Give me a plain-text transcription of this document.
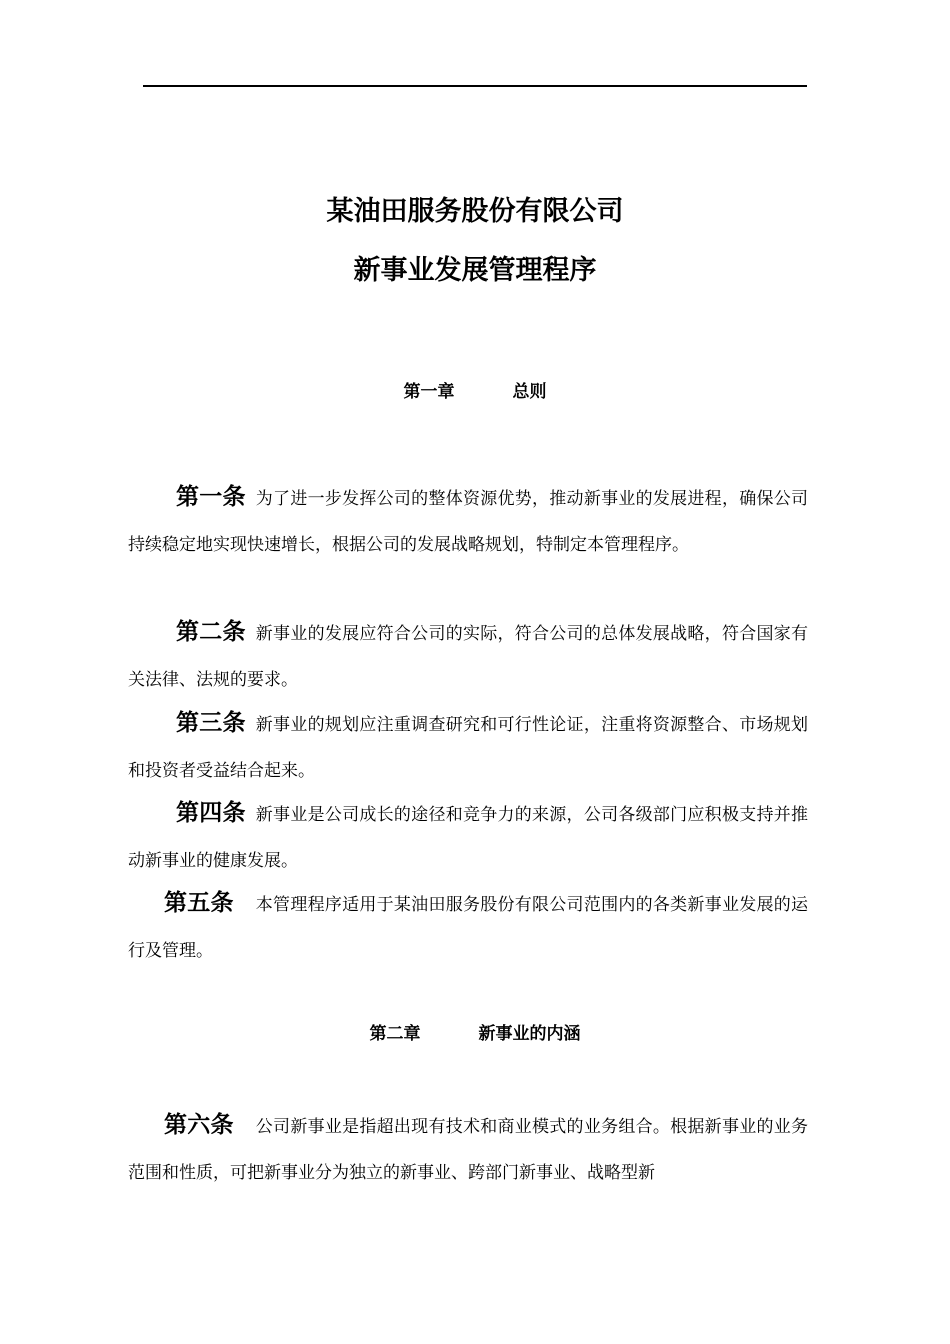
某油田服务股份有限公司
新事业发展管理程序
第一章	总则
第一条 为了进一步发挥公司的整体资源优势，推动新事业的发展进程，确保公司持续稳定地实现快速增长，根据公司的发展战略规划，特制定本管理程序。
第二条 新事业的发展应符合公司的实际，符合公司的总体发展战略，符合国家有关法律、法规的要求。
第三条 新事业的规划应注重调查研究和可行性论证，注重将资源整合、市场规划和投资者受益结合起来。
第四条 新事业是公司成长的途径和竞争力的来源，公司各级部门应积极支持并推动新事业的健康发展。
第五条 本管理程序适用于某油田服务股份有限公司范围内的各类新事业发展的运行及管理。
第二章	新事业的内涵
第六条 公司新事业是指超出现有技术和商业模式的业务组合。根据新事业的业务范围和性质，可把新事业分为独立的新事业、跨部门新事业、战略型新
